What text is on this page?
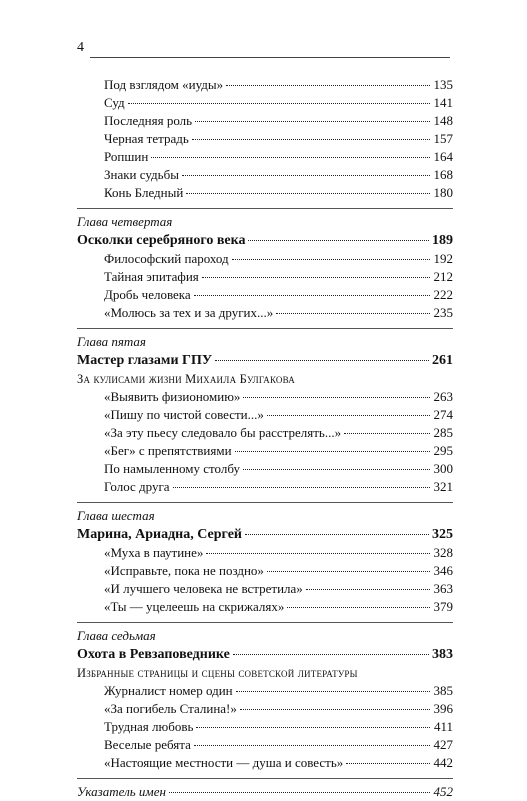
4
Под взглядом «иуды»	135
Суд	141
Последняя роль	148
Черная тетрадь	157
Ропшин	164
Знаки судьбы	168
Конь Бледный	180
Глава четвертая
Осколки серебряного века	189
Философский пароход	192
Тайная эпитафия	212
Дробь человека	222
«Молюсь за тех и за других...»	235
Глава пятая
Мастер глазами ГПУ	261
За кулисами жизни Михаила Булгакова
«Выявить физиономию»	263
«Пишу по чистой совести...»	274
«За эту пьесу следовало бы расстрелять...»	285
«Бег» с препятствиями	295
По намыленному столбу	300
Голос друга	321
Глава шестая
Марина, Ариадна, Сергей	325
«Муха в паутине»	328
«Исправьте, пока не поздно»	346
«И лучшего человека не встретила»	363
«Ты — уцелеешь на скрижалях»	379
Глава седьмая
Охота в Ревзаповеднике	383
Избранные страницы и сцены советской литературы
Журналист номер один	385
«За погибель Сталина!»	396
Трудная любовь	411
Веселые ребята	427
«Настоящие местности — душа и совесть»	442
Указатель имен	452
